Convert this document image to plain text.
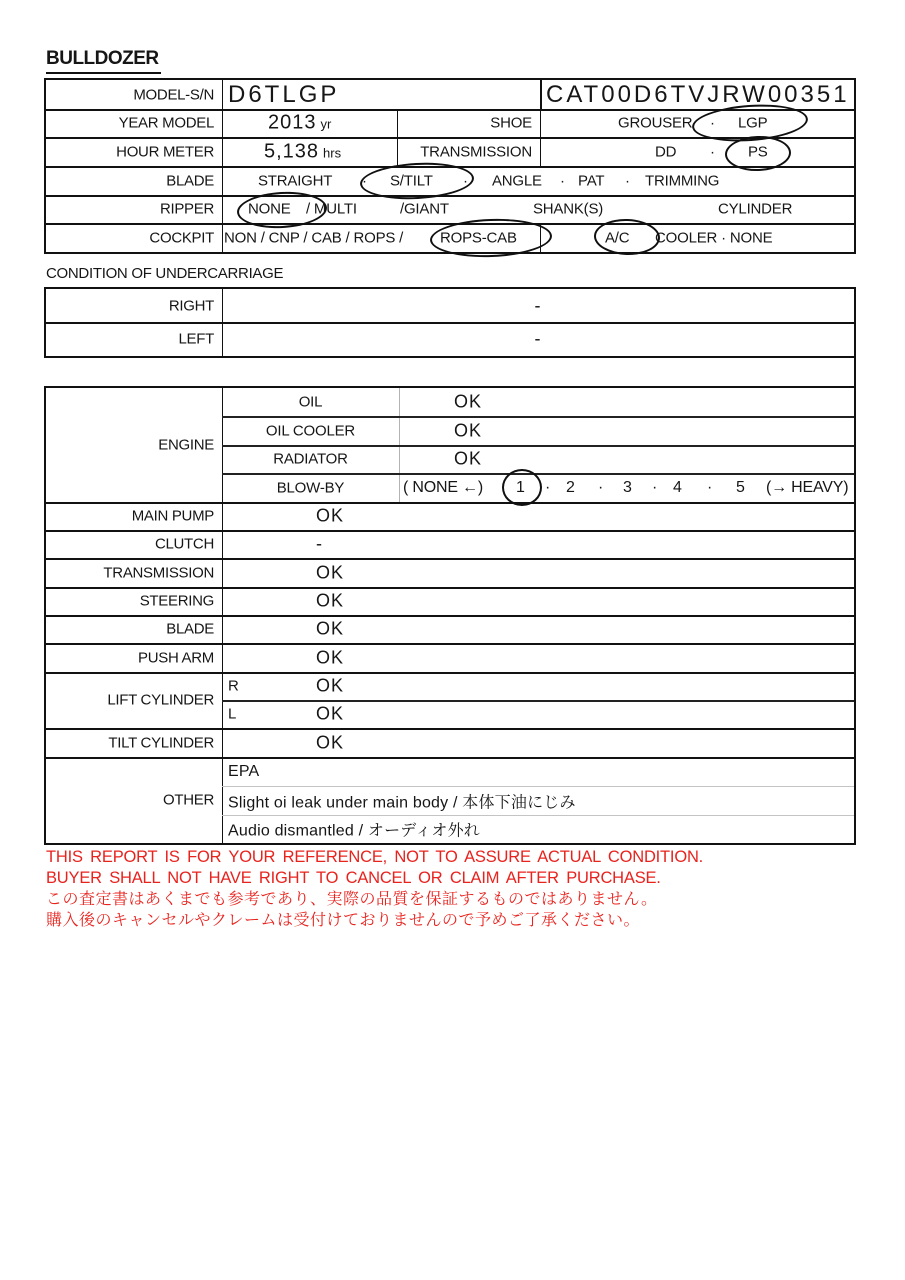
BULLDOZER
MODEL-S/N D6TLGP	CAT00D6TVJRW00351
YEAR MODEL	2013 yr	SHOE	GROUSER · LGP
HOUR METER	5,138 hrs	TRANSMISSION	DD · PS
BLADE	STRAIGHT · S/TILT · ANGLE · PAT · TRIMMING
RIPPER NONE / MULTI	/GIANT	SHANK(S)	CYLINDER
COCKPIT NON / CNP / CAB / ROPS / ROPS-CAB	A/C COOLER · NONE
CONDITION OF UNDERCARRIAGE
RIGHT	-
LEFT	-
ENGINE
OIL	OK
OIL COOLER	OK
RADIATOR	OK
BLOW-BY	( NONE ←) 1 · 2 · 3 · 4 · 5 (→ HEAVY)
MAIN PUMP	OK
CLUTCH	-
TRANSMISSION	OK
STEERING	OK
BLADE	OK
PUSH ARM	OK
LIFT CYLINDER
R	OK
L	OK
TILT CYLINDER	OK
OTHER
EPA
Slight oi leak under main body / 本体下油にじみ
Audio dismantled / オーディオ外れ
THIS REPORT IS FOR YOUR REFERENCE, NOT TO ASSURE ACTUAL CONDITION.
BUYER SHALL NOT HAVE RIGHT TO CANCEL OR CLAIM AFTER PURCHASE.
この査定書はあくまでも参考であり、実際の品質を保証するものではありません。
購入後のキャンセルやクレームは受付けておりませんので予めご了承ください。
